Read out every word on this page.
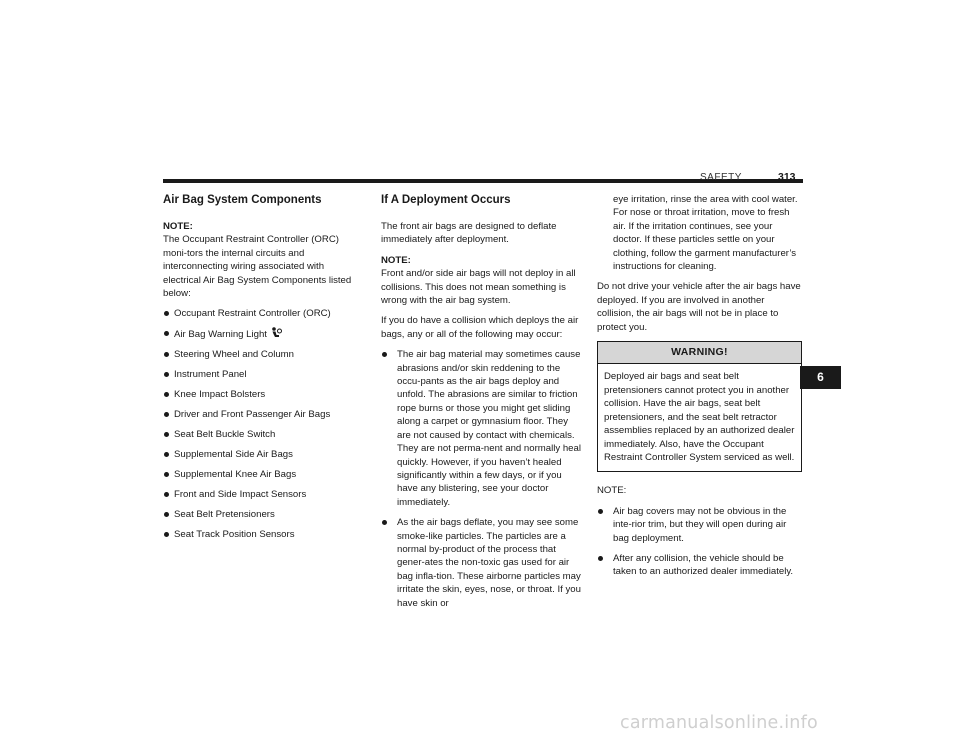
SAFETY	313
Air Bag System Components

NOTE:
The Occupant Restraint Controller (ORC) moni-tors the internal circuits and interconnecting wiring associated with electrical Air Bag System Components listed below:

Occupant Restraint Controller (ORC)
Air Bag Warning Light
Steering Wheel and Column
Instrument Panel
Knee Impact Bolsters
Driver and Front Passenger Air Bags
Seat Belt Buckle Switch
Supplemental Side Air Bags
Supplemental Knee Air Bags
Front and Side Impact Sensors
Seat Belt Pretensioners
Seat Track Position Sensors
If A Deployment Occurs

The front air bags are designed to deflate immediately after deployment.

NOTE:
Front and/or side air bags will not deploy in all collisions. This does not mean something is wrong with the air bag system.

If you do have a collision which deploys the air bags, any or all of the following may occur:

The air bag material may sometimes cause abrasions and/or skin reddening to the occu-pants as the air bags deploy and unfold. The abrasions are similar to friction rope burns or those you might get sliding along a carpet or gymnasium floor. They are not caused by contact with chemicals. They are not perma-nent and normally heal quickly. However, if you haven’t healed significantly within a few days, or if you have any blistering, see your doctor immediately.
As the air bags deflate, you may see some smoke-like particles. The particles are a normal by-product of the process that gener-ates the non-toxic gas used for air bag infla-tion. These airborne particles may irritate the skin, eyes, nose, or throat. If you have skin or
eye irritation, rinse the area with cool water. For nose or throat irritation, move to fresh air. If the irritation continues, see your doctor. If these particles settle on your clothing, follow the garment manufacturer’s instructions for cleaning.

Do not drive your vehicle after the air bags have deployed. If you are involved in another collision, the air bags will not be in place to protect you.

WARNING!
Deployed air bags and seat belt pretensioners cannot protect you in another collision. Have the air bags, seat belt pretensioners, and the seat belt retractor assemblies replaced by an authorized dealer immediately. Also, have the Occupant Restraint Controller System serviced as well.

NOTE:

Air bag covers may not be obvious in the inte-rior trim, but they will open during air bag deployment.
After any collision, the vehicle should be taken to an authorized dealer immediately.
6
carmanualsonline.info
